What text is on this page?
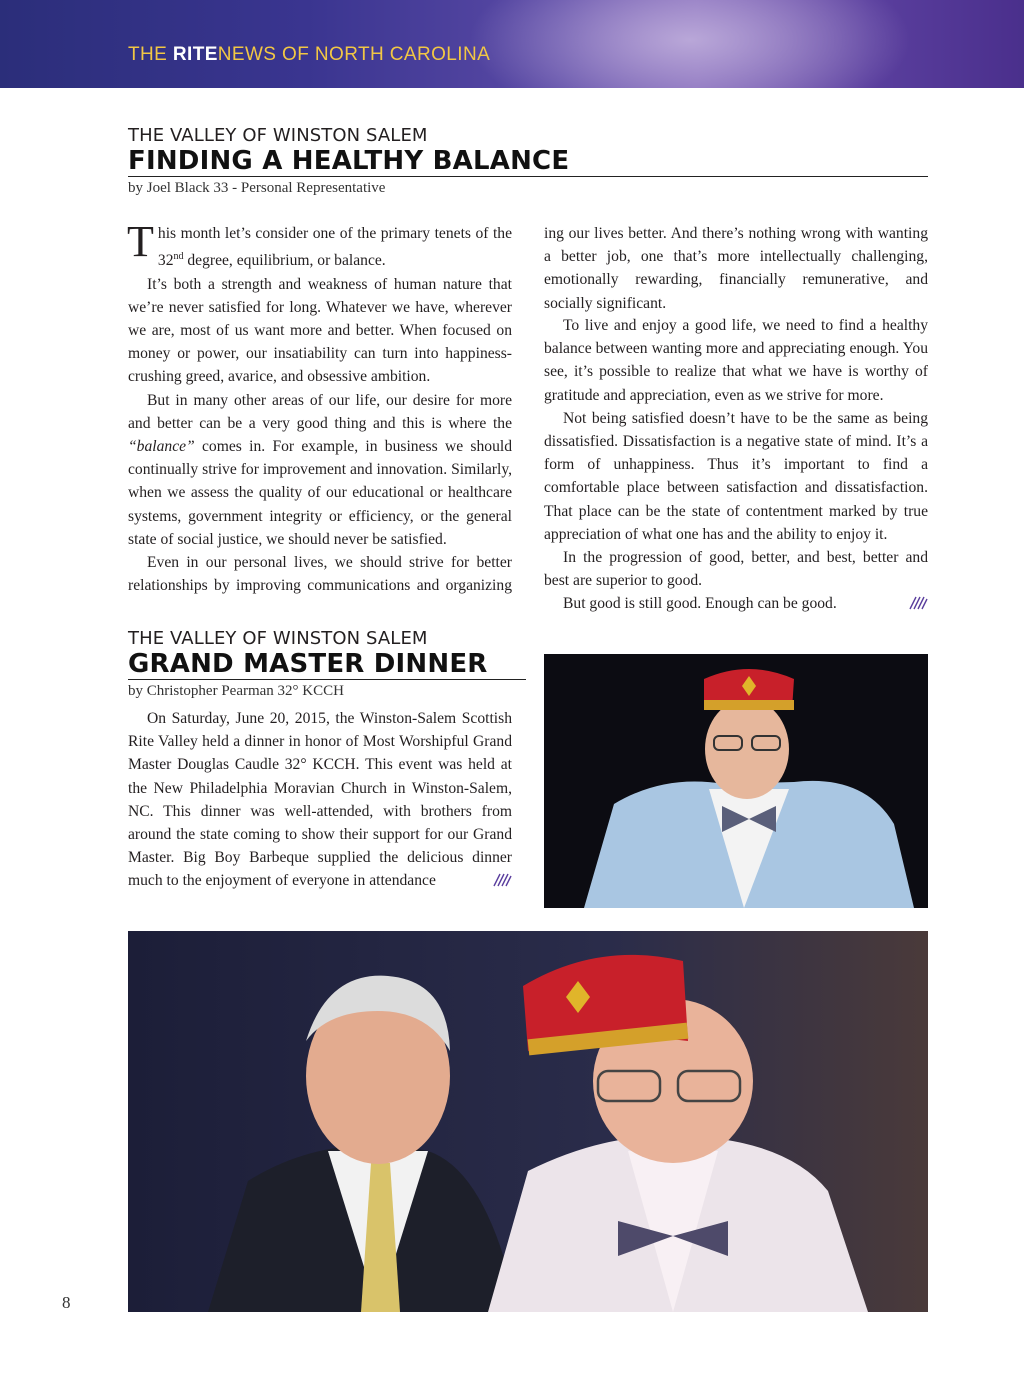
THE RITENEWS OF NORTH CAROLINA
THE VALLEY OF WINSTON SALEM
FINDING A HEALTHY BALANCE
by Joel Black 33 - Personal Representative

This month let’s consider one of the primary tenets of the 32nd degree, equilibrium, or balance.

It’s both a strength and weakness of human nature that we’re never satisfied for long. Whatever we have, wherever we are, most of us want more and better. When focused on money or power, our insatiability can turn into happiness-crushing greed, avarice, and obsessive ambition.

But in many other areas of our life, our desire for more and better can be a very good thing and this is where the “balance” comes in. For example, in business we should continually strive for improvement and innovation. Similarly, when we assess the quality of our educational or healthcare systems, government integrity or efficiency, or the general state of social justice, we should never be satisfied.

Even in our personal lives, we should strive for better relationships by improving communications and organizing

ing our lives better. And there’s nothing wrong with wanting a better job, one that’s more intellectually challenging, emotionally rewarding, financially remunerative, and socially significant.

To live and enjoy a good life, we need to find a healthy balance between wanting more and appreciating enough. You see, it’s possible to realize that what we have is worthy of gratitude and appreciation, even as we strive for more.

Not being satisfied doesn’t have to be the same as being dissatisfied. Dissatisfaction is a negative state of mind. It’s a form of unhappiness. Thus it’s important to find a comfortable place between satisfaction and dissatisfaction. That place can be the state of contentment marked by true appreciation of what one has and the ability to enjoy it.

In the progression of good, better, and best, better and best are superior to good.

But good is still good. Enough can be good.

THE VALLEY OF WINSTON SALEM
GRAND MASTER DINNER
by Christopher Pearman 32° KCCH

On Saturday, June 20, 2015, the Winston-Salem Scottish Rite Valley held a dinner in honor of Most Worshipful Grand Master Douglas Caudle 32° KCCH. This event was held at the New Philadelphia Moravian Church in Winston-Salem, NC. This dinner was well-attended, with brothers from around the state coming to show their support for our Grand Master. Big Boy Barbeque supplied the delicious dinner much to the enjoyment of everyone in attendance

8
